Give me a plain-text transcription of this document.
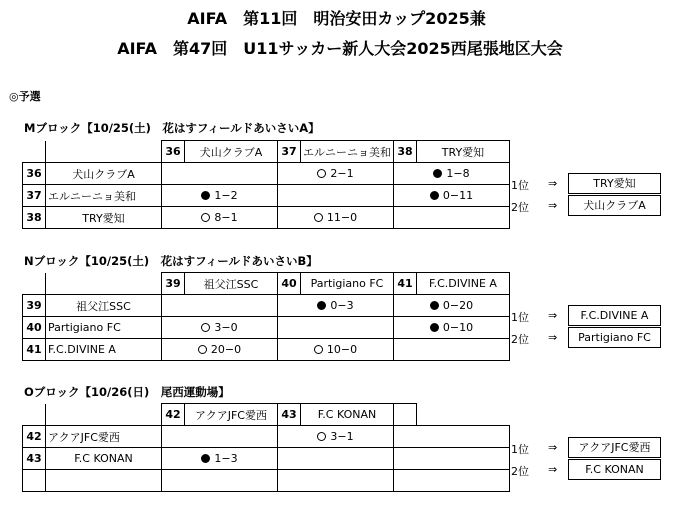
AIFA　第11回　明治安田カップ2025兼
AIFA　第47回　U11サッカー新人大会2025西尾張地区大会
◎予選
Mブロック【10/25(土)　花はすフィールドあいさいA】
		36	犬山クラブA	37	エルニーニョ美和	38	TRY愛知
36	犬山クラブA			2−1		1−8	
37	エルニーニョ美和	1−2				0−11	
38	TRY愛知	8−1		11−0			
1位 ⇒	TRY愛知
2位 ⇒	犬山クラブA
Nブロック【10/25(土)　花はすフィールドあいさいB】
		39	祖父江SSC	40	Partigiano FC	41	F.C.DIVINE A
39	祖父江SSC			0−3		0−20	
40	Partigiano FC	3−0				0−10	
41	F.C.DIVINE A	20−0		10−0			
1位 ⇒	F.C.DIVINE A
2位 ⇒	Partigiano FC
Oブロック【10/26(日)　尾西運動場】
		42	アクアJFC愛西	43	F.C KONAN		
42	アクアJFC愛西			3−1			
43	F.C KONAN	1−3					

1位 ⇒	アクアJFC愛西
2位 ⇒	F.C KONAN
